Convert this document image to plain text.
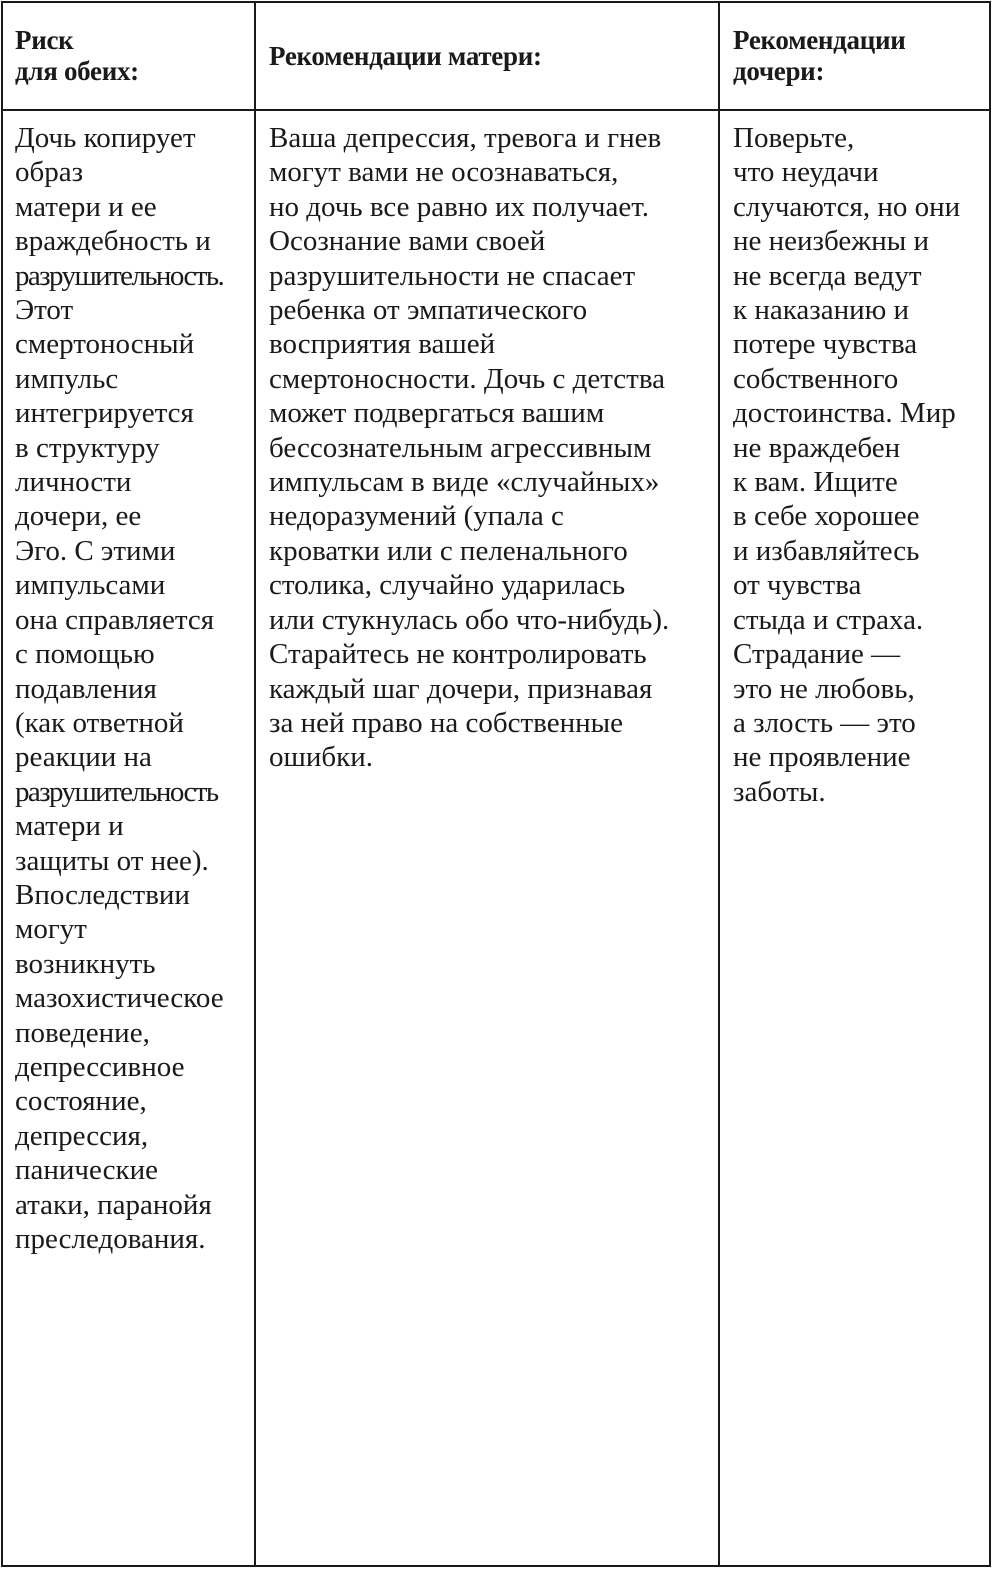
Риск
для обеих:
Рекомендации матери:
Рекомендации
дочери:
Дочь копирует
образ
матери и ее
враждебность и
разрушительность.
Этот
смертоносный
импульс
интегрируется
в структуру
личности
дочери, ее
Эго. С этими
импульсами
она справляется
с помощью
подавления
(как ответной
реакции на
разрушительность
матери и
защиты от нее).
Впоследствии
могут
возникнуть
мазохистическое
поведение,
депрессивное
состояние,
депрессия,
панические
атаки, паранойя
преследования.
Ваша депрессия, тревога и гнев
могут вами не осознаваться,
но дочь все равно их получает.
Осознание вами своей
разрушительности не спасает
ребенка от эмпатического
восприятия вашей
смертоносности. Дочь с детства
может подвергаться вашим
бессознательным агрессивным
импульсам в виде «случайных»
недоразумений (упала с
кроватки или с пеленального
столика, случайно ударилась
или стукнулась обо что-нибудь).
Старайтесь не контролировать
каждый шаг дочери, признавая
за ней право на собственные
ошибки.
Поверьте,
что неудачи
случаются, но они
не неизбежны и
не всегда ведут
к наказанию и
потере чувства
собственного
достоинства. Мир
не враждебен
к вам. Ищите
в себе хорошее
и избавляйтесь
от чувства
стыда и страха.
Страдание —
это не любовь,
а злость — это
не проявление
заботы.
